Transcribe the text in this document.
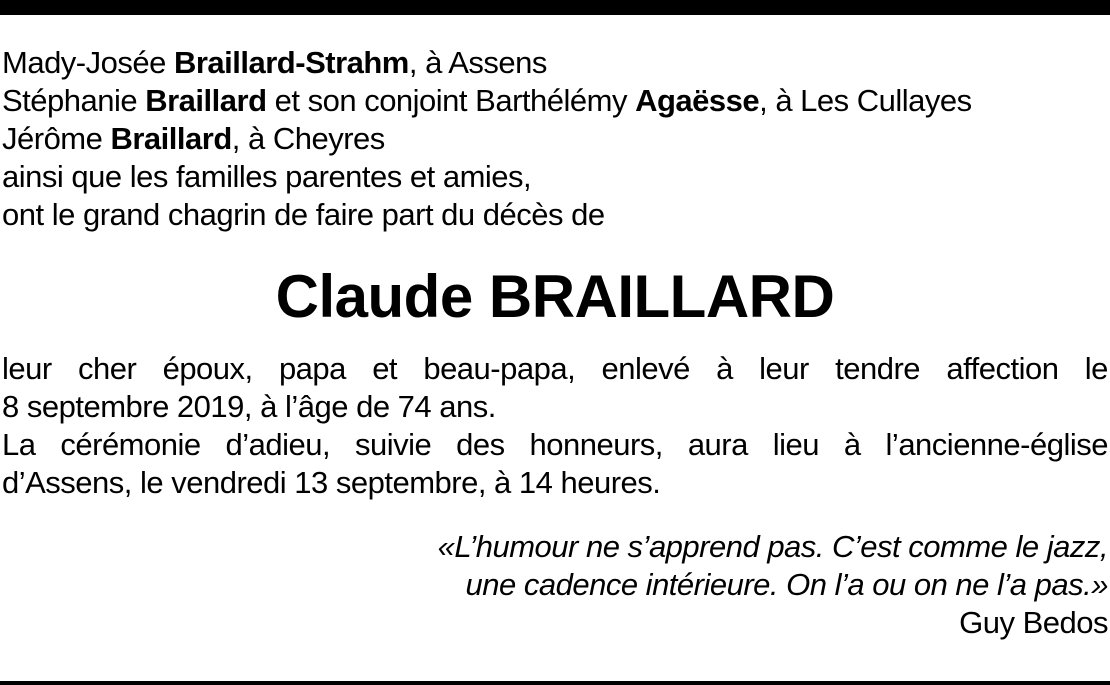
Mady-Josée Braillard-Strahm, à Assens
Stéphanie Braillard et son conjoint Barthélémy Agaësse, à Les Cullayes
Jérôme Braillard, à Cheyres
ainsi que les familles parentes et amies,
ont le grand chagrin de faire part du décès de
Claude BRAILLARD
leur cher époux, papa et beau-papa, enlevé à leur tendre affection le
8 septembre 2019, à l’âge de 74 ans.
La cérémonie d’adieu, suivie des honneurs, aura lieu à l’ancienne-église
d’Assens, le vendredi 13 septembre, à 14 heures.
«L’humour ne s’apprend pas. C’est comme le jazz,
une cadence intérieure. On l’a ou on ne l’a pas.»
Guy Bedos
